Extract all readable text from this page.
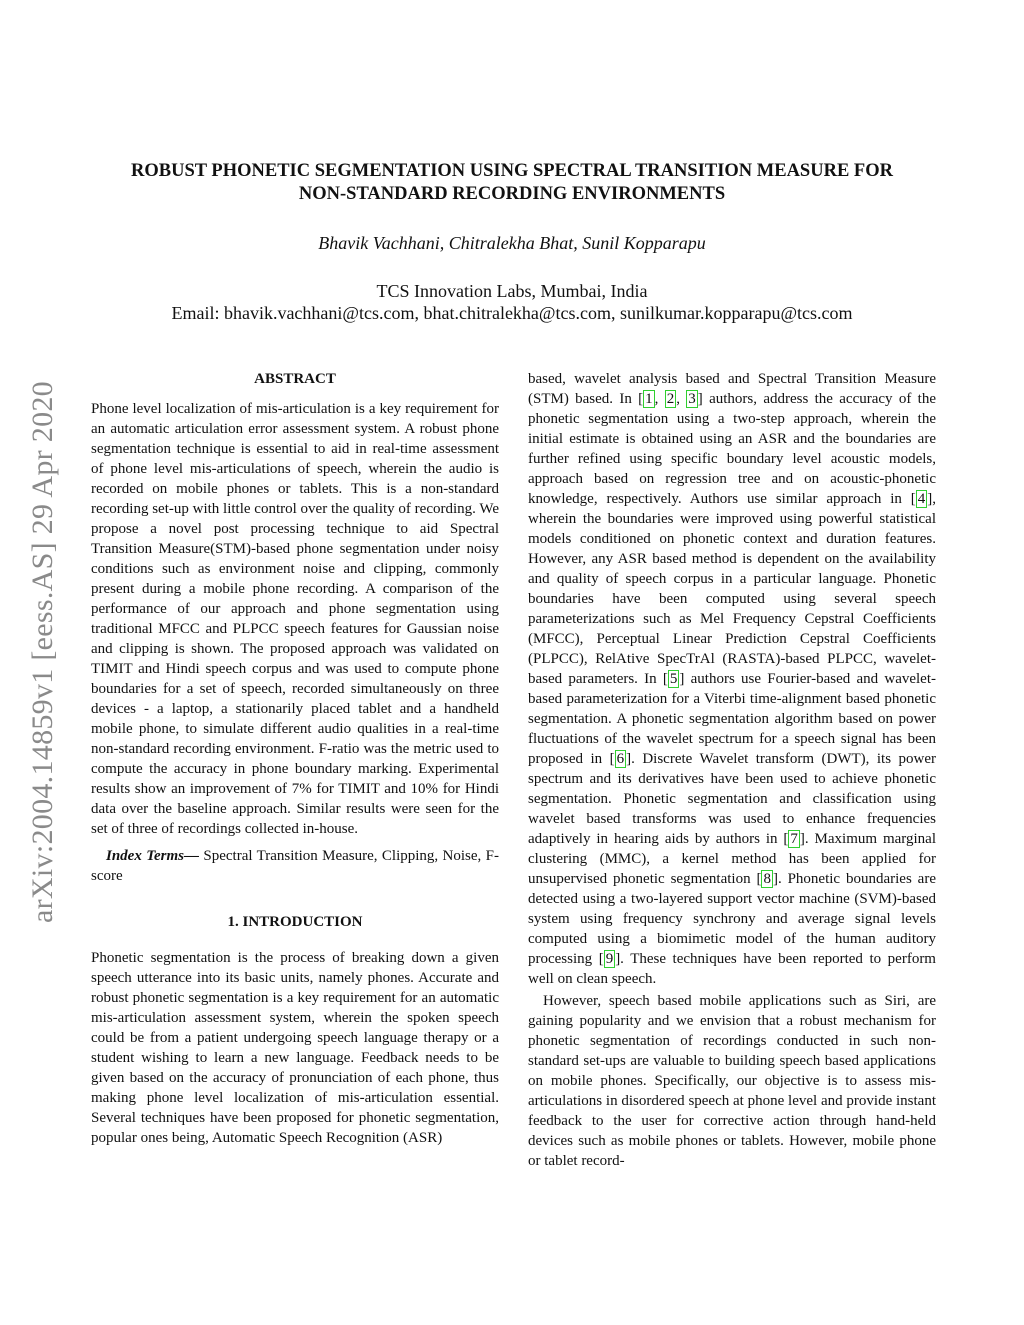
ROBUST PHONETIC SEGMENTATION USING SPECTRAL TRANSITION MEASURE FOR
NON-STANDARD RECORDING ENVIRONMENTS
Bhavik Vachhani, Chitralekha Bhat, Sunil Kopparapu
TCS Innovation Labs, Mumbai, India
Email: bhavik.vachhani@tcs.com, bhat.chitralekha@tcs.com, sunilkumar.kopparapu@tcs.com
arXiv:2004.14859v1 [eess.AS] 29 Apr 2020
ABSTRACT

Phone level localization of mis-articulation is a key requirement for an automatic articulation error assessment system. A robust phone segmentation technique is essential to aid in real-time assessment of phone level mis-articulations of speech, wherein the audio is recorded on mobile phones or tablets. This is a non-standard recording set-up with little control over the quality of recording. We propose a novel post processing technique to aid Spectral Transition Measure(STM)-based phone segmentation under noisy conditions such as environment noise and clipping, commonly present during a mobile phone recording. A comparison of the performance of our approach and phone segmentation using traditional MFCC and PLPCC speech features for Gaussian noise and clipping is shown. The proposed approach was validated on TIMIT and Hindi speech corpus and was used to compute phone boundaries for a set of speech, recorded simultaneously on three devices - a laptop, a stationarily placed tablet and a handheld mobile phone, to simulate different audio qualities in a real-time non-standard recording environment. F-ratio was the metric used to compute the accuracy in phone boundary marking. Experimental results show an improvement of 7% for TIMIT and 10% for Hindi data over the baseline approach. Similar results were seen for the set of three of recordings collected in-house.

Index Terms— Spectral Transition Measure, Clipping, Noise, F-score

1. INTRODUCTION

Phonetic segmentation is the process of breaking down a given speech utterance into its basic units, namely phones. Accurate and robust phonetic segmentation is a key requirement for an automatic mis-articulation assessment system, wherein the spoken speech could be from a patient undergoing speech language therapy or a student wishing to learn a new language. Feedback needs to be given based on the accuracy of pronunciation of each phone, thus making phone level localization of mis-articulation essential. Several techniques have been proposed for phonetic segmentation, popular ones being, Automatic Speech Recognition (ASR)

based, wavelet analysis based and Spectral Transition Measure (STM) based. In [ 1 , 2 , 3 ] authors, address the accuracy of the phonetic segmentation using a two-step approach, wherein the initial estimate is obtained using an ASR and the boundaries are further refined using specific boundary level acoustic models, approach based on regression tree and on acoustic-phonetic knowledge, respectively. Authors use similar approach in [ 4 ], wherein the boundaries were improved using powerful statistical models conditioned on phonetic context and duration features. However, any ASR based method is dependent on the availability and quality of speech corpus in a particular language. Phonetic boundaries have been computed using several speech parameterizations such as Mel Frequency Cepstral Coefficients (MFCC), Perceptual Linear Prediction Cepstral Coefficients (PLPCC), RelAtive SpecTrAl (RASTA)-based PLPCC, wavelet-based parameters. In [ 5 ] authors use Fourier-based and wavelet-based parameterization for a Viterbi time-alignment based phonetic segmentation. A phonetic segmentation algorithm based on power fluctuations of the wavelet spectrum for a speech signal has been proposed in [ 6 ]. Discrete Wavelet transform (DWT), its power spectrum and its derivatives have been used to achieve phonetic segmentation. Phonetic segmentation and classification using wavelet based transforms was used to enhance frequencies adaptively in hearing aids by authors in [ 7 ]. Maximum marginal clustering (MMC), a kernel method has been applied for unsupervised phonetic segmentation [ 8 ]. Phonetic boundaries are detected using a two-layered support vector machine (SVM)-based system using frequency synchrony and average signal levels computed using a biomimetic model of the human auditory processing [ 9 ]. These techniques have been reported to perform well on clean speech.

However, speech based mobile applications such as Siri, are gaining popularity and we envision that a robust mechanism for phonetic segmentation of recordings conducted in such non-standard set-ups are valuable to building speech based applications on mobile phones. Specifically, our objective is to assess mis-articulations in disordered speech at phone level and provide instant feedback to the user for corrective action through hand-held devices such as mobile phones or tablets. However, mobile phone or tablet record-
